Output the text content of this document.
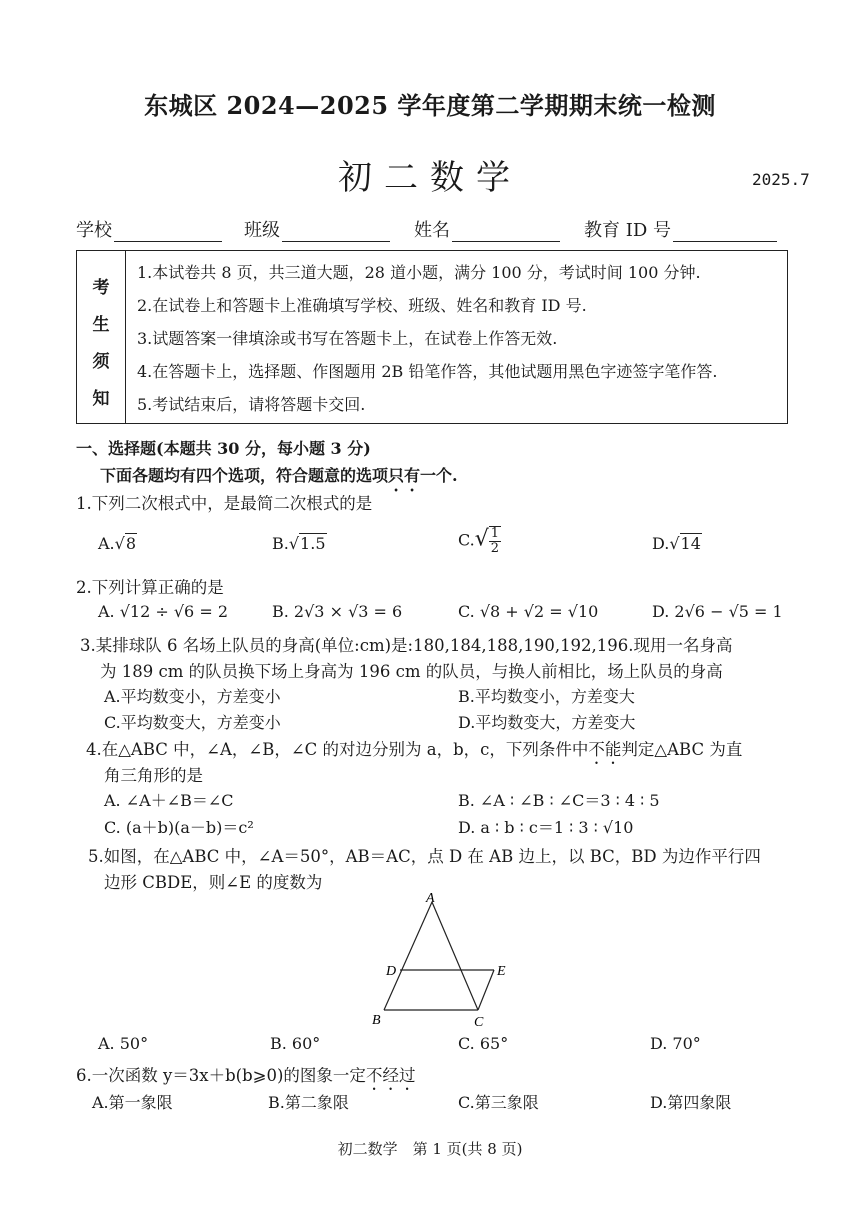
东城区 2024—2025 学年度第二学期期末统一检测
初二数学	2025.7
学校	班级	姓名	教育 ID 号
考
生
须
知
1.本试卷共 8 页，共三道大题，28 道小题，满分 100 分，考试时间 100 分钟.
2.在试卷上和答题卡上准确填写学校、班级、姓名和教育 ID 号.
3.试题答案一律填涂或书写在答题卡上，在试卷上作答无效.
4.在答题卡上，选择题、作图题用 2B 铅笔作答，其他试题用黑色字迹签字笔作答.
5.考试结束后，请将答题卡交回.
一、选择题(本题共 30 分，每小题 3 分)
下面各题均有四个选项，符合题意的选项只有一个.
1.下列二次根式中，是最简二次根式的是
A.√8	B.√1.5	$C.√ \frac{1}{2}$	D.√14
2.下列计算正确的是
A. √12 ÷ √6 = 2	B. 2√3 × √3 = 6	C. √8 + √2 = √10	D. 2√6 − √5 = 1
3.某排球队 6 名场上队员的身高(单位:cm)是:180,184,188,190,192,196.现用一名身高
为 189 cm 的队员换下场上身高为 196 cm 的队员，与换人前相比，场上队员的身高
A.平均数变小，方差变小	B.平均数变小，方差变大
C.平均数变大，方差变小	D.平均数变大，方差变大
4.在△ABC 中，∠A，∠B，∠C 的对边分别为 a，b，c，下列条件中不能判定△ABC 为直
角三角形的是
A. ∠A＋∠B＝∠C	B. ∠A ∶ ∠B ∶ ∠C＝3 ∶ 4 ∶ 5
C. (a＋b)(a－b)＝c²	D. a ∶ b ∶ c＝1 ∶ 3 ∶ √10
5.如图，在△ABC 中，∠A＝50°，AB＝AC，点 D 在 AB 边上，以 BC，BD 为边作平行四
边形 CBDE，则∠E 的度数为
A
D	E
B	C
A. 50°	B. 60°	C. 65°	D. 70°
6.一次函数 y＝3x＋b(b⩾0)的图象一定不经过
A.第一象限	B.第二象限	C.第三象限	D.第四象限
初二数学　第 1 页(共 8 页)
